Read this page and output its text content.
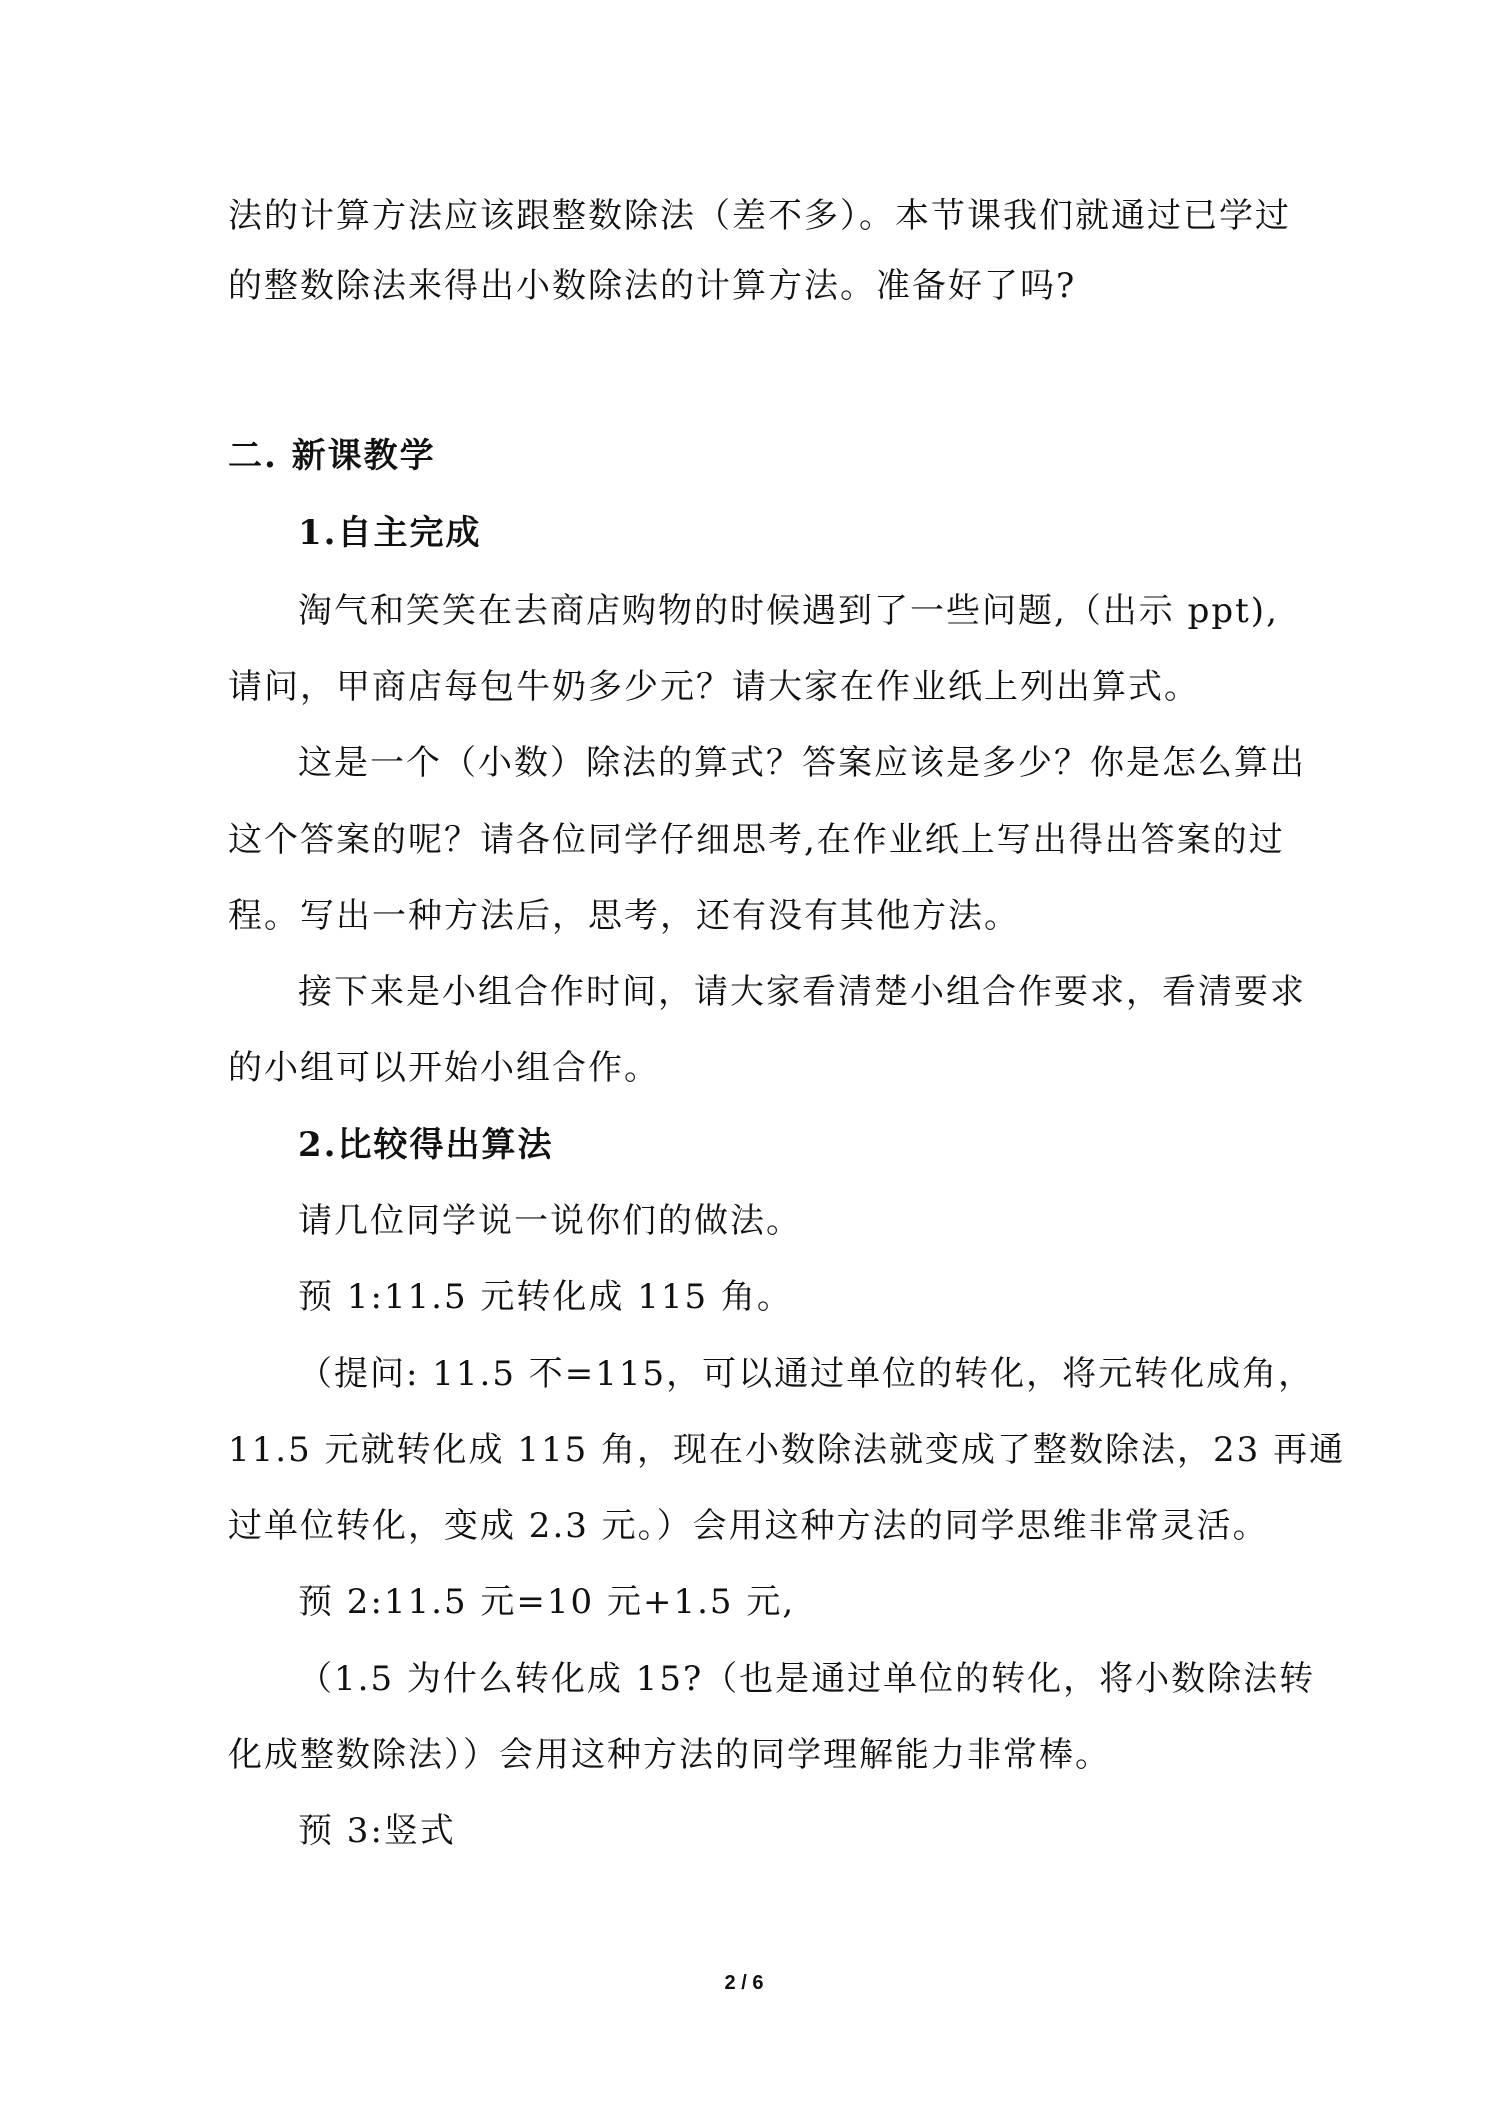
法的计算方法应该跟整数除法（差不多）。本节课我们就通过已学过
的整数除法来得出小数除法的计算方法。准备好了吗?
二. 新课教学
1.自主完成
淘气和笑笑在去商店购物的时候遇到了一些问题,（出示 ppt),
请问，甲商店每包牛奶多少元？请大家在作业纸上列出算式。
这是一个（小数）除法的算式？答案应该是多少？你是怎么算出
这个答案的呢？请各位同学仔细思考,在作业纸上写出得出答案的过
程。写出一种方法后，思考，还有没有其他方法。
接下来是小组合作时间，请大家看清楚小组合作要求，看清要求
的小组可以开始小组合作。
2.比较得出算法
请几位同学说一说你们的做法。
预 1:11.5 元转化成 115 角。
（提问: 11.5 不=115，可以通过单位的转化，将元转化成角，
11.5 元就转化成 115 角，现在小数除法就变成了整数除法，23 再通
过单位转化，变成 2.3 元。）会用这种方法的同学思维非常灵活。
预 2:11.5 元=10 元+1.5 元,
（1.5 为什么转化成 15?（也是通过单位的转化，将小数除法转
化成整数除法））会用这种方法的同学理解能力非常棒。
预 3:竖式
2 / 6
